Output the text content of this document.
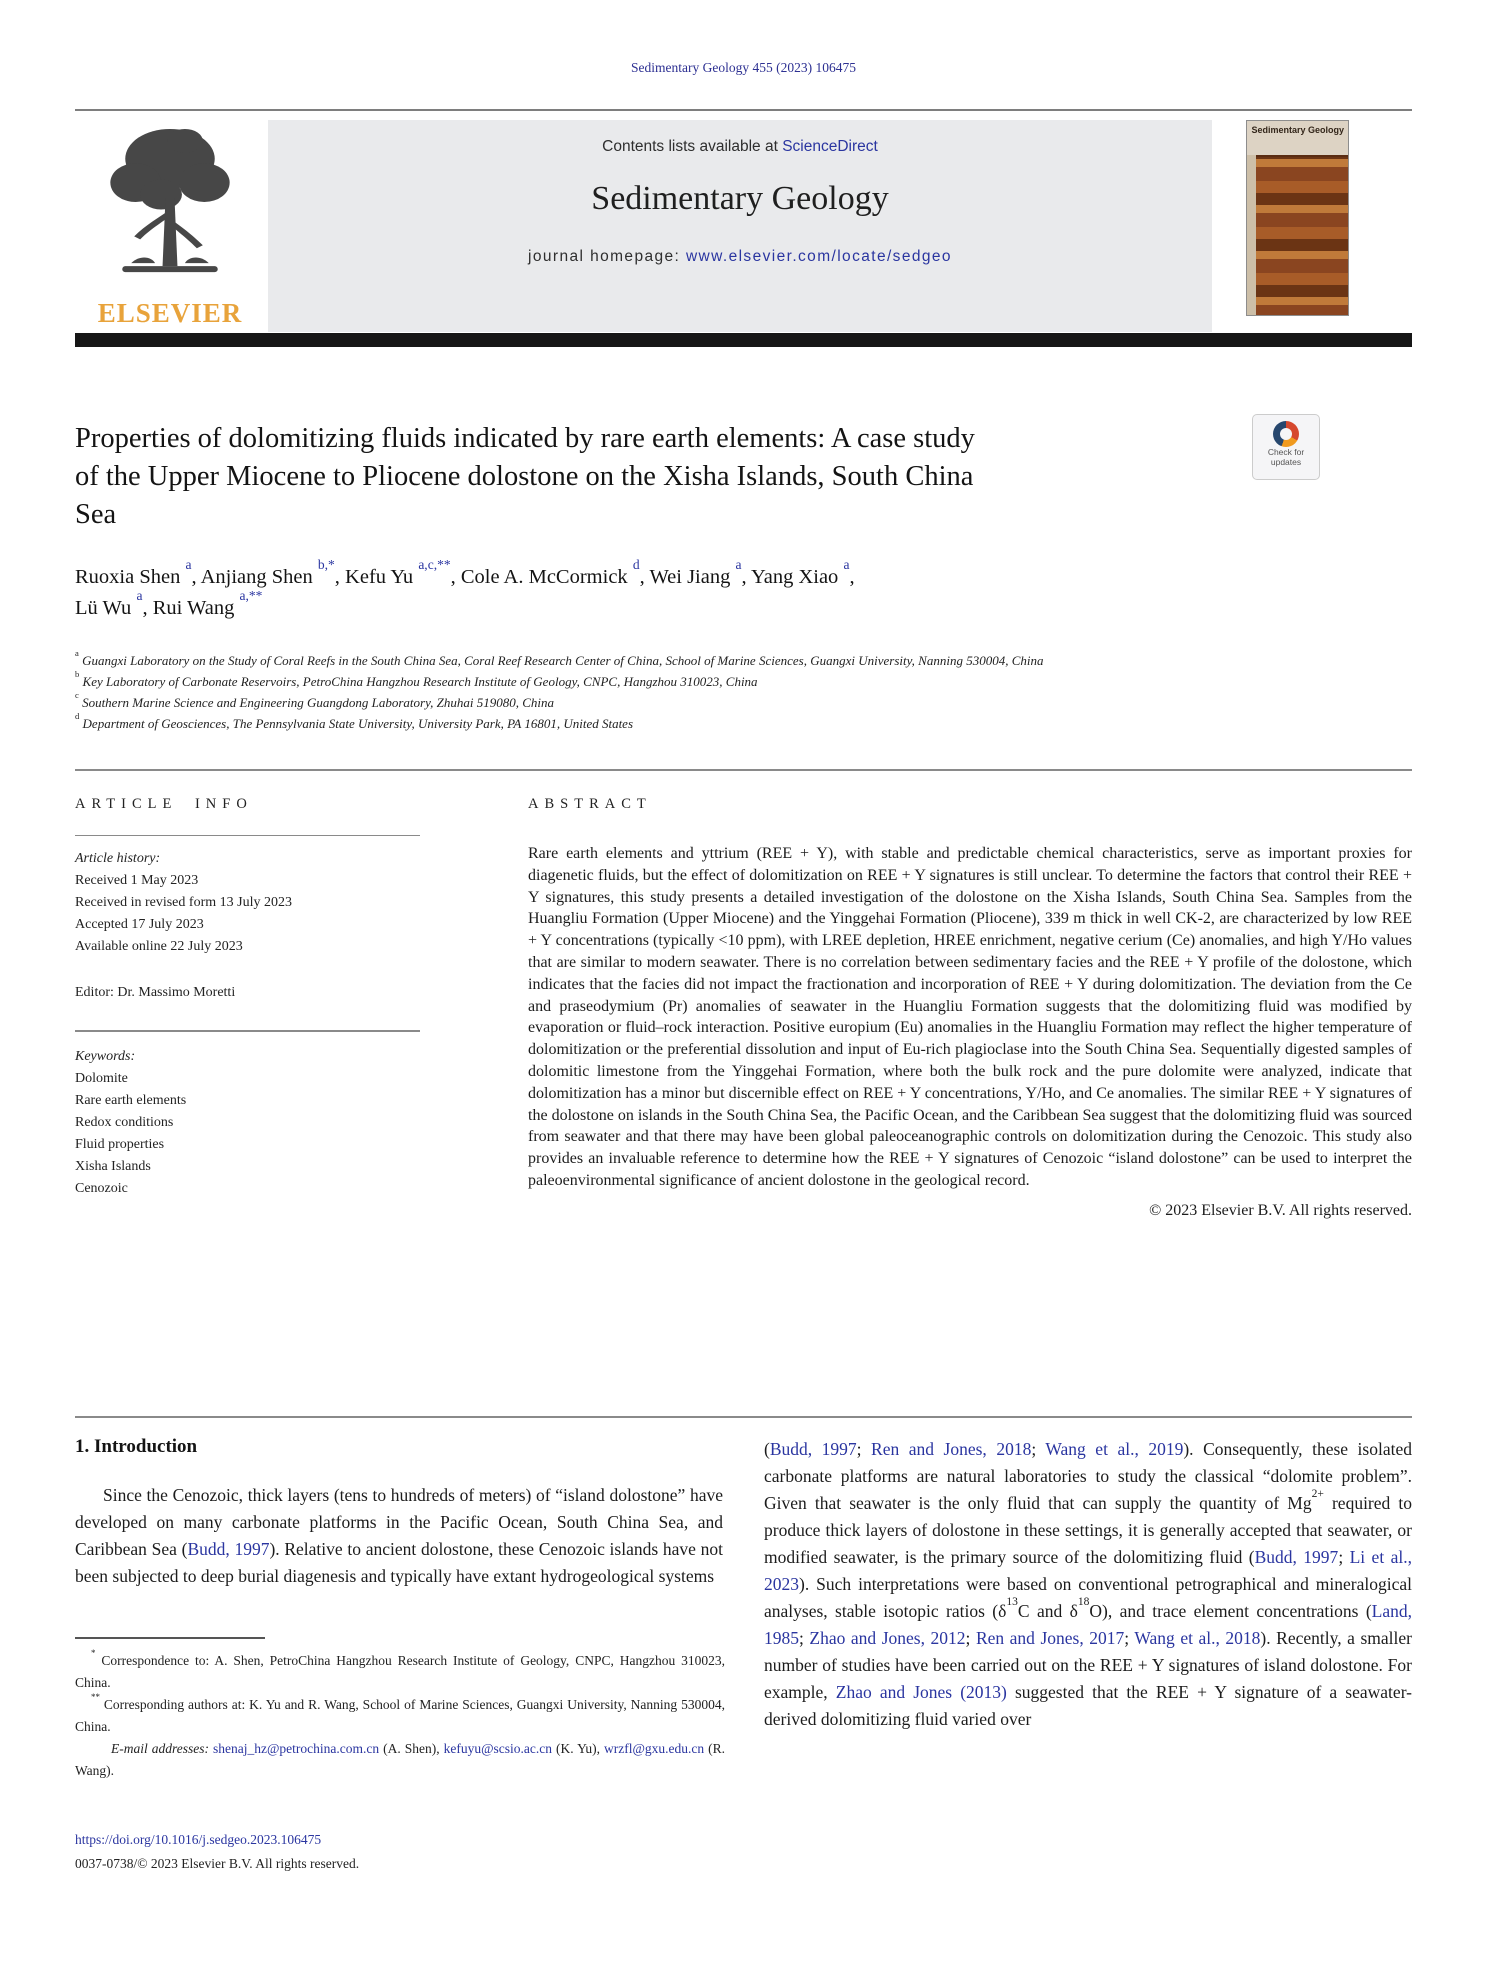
Sedimentary Geology 455 (2023) 106475
ELSEVIER
Contents lists available at ScienceDirect
Sedimentary Geology
journal homepage: www.elsevier.com/locate/sedgeo
Sedimentary Geology
Properties of dolomitizing fluids indicated by rare earth elements: A case study of the Upper Miocene to Pliocene dolostone on the Xisha Islands, South China Sea
Check for
updates
Ruoxia Shen $^a$, Anjiang Shen $^{b,*}$, Kefu Yu $^{a,c,**}$, Cole A. McCormick $^d$, Wei Jiang $^a$, Yang Xiao $^a$,
Lü Wu $^a$, Rui Wang $^{a,**}$
$^a$ Guangxi Laboratory on the Study of Coral Reefs in the South China Sea, Coral Reef Research Center of China, School of Marine Sciences, Guangxi University, Nanning 530004, China
$^b$ Key Laboratory of Carbonate Reservoirs, PetroChina Hangzhou Research Institute of Geology, CNPC, Hangzhou 310023, China
$^c$ Southern Marine Science and Engineering Guangdong Laboratory, Zhuhai 519080, China
$^d$ Department of Geosciences, The Pennsylvania State University, University Park, PA 16801, United States
ARTICLE INFO
Article history:
Received 1 May 2023
Received in revised form 13 July 2023
Accepted 17 July 2023
Available online 22 July 2023
Editor: Dr. Massimo Moretti
Keywords:
Dolomite
Rare earth elements
Redox conditions
Fluid properties
Xisha Islands
Cenozoic
ABSTRACT
Rare earth elements and yttrium (REE + Y), with stable and predictable chemical characteristics, serve as important proxies for diagenetic fluids, but the effect of dolomitization on REE + Y signatures is still unclear. To determine the factors that control their REE + Y signatures, this study presents a detailed investigation of the dolostone on the Xisha Islands, South China Sea. Samples from the Huangliu Formation (Upper Miocene) and the Yinggehai Formation (Pliocene), 339 m thick in well CK-2, are characterized by low REE + Y concentrations (typically <10 ppm), with LREE depletion, HREE enrichment, negative cerium (Ce) anomalies, and high Y/Ho values that are similar to modern seawater. There is no correlation between sedimentary facies and the REE + Y profile of the dolostone, which indicates that the facies did not impact the fractionation and incorporation of REE + Y during dolomitization. The deviation from the Ce and praseodymium (Pr) anomalies of seawater in the Huangliu Formation suggests that the dolomitizing fluid was modified by evaporation or fluid–rock interaction. Positive europium (Eu) anomalies in the Huangliu Formation may reflect the higher temperature of dolomitization or the preferential dissolution and input of Eu-rich plagioclase into the South China Sea. Sequentially digested samples of dolomitic limestone from the Yinggehai Formation, where both the bulk rock and the pure dolomite were analyzed, indicate that dolomitization has a minor but discernible effect on REE + Y concentrations, Y/Ho, and Ce anomalies. The similar REE + Y signatures of the dolostone on islands in the South China Sea, the Pacific Ocean, and the Caribbean Sea suggest that the dolomitizing fluid was sourced from seawater and that there may have been global paleoceanographic controls on dolomitization during the Cenozoic. This study also provides an invaluable reference to determine how the REE + Y signatures of Cenozoic “island dolostone” can be used to interpret the paleoenvironmental significance of ancient dolostone in the geological record.
© 2023 Elsevier B.V. All rights reserved.
1. Introduction
Since the Cenozoic, thick layers (tens to hundreds of meters) of “island dolostone” have developed on many carbonate platforms in the Pacific Ocean, South China Sea, and Caribbean Sea (Budd, 1997). Relative to ancient dolostone, these Cenozoic islands have not been subjected to deep burial diagenesis and typically have extant hydrogeological systems
(Budd, 1997; Ren and Jones, 2018; Wang et al., 2019). Consequently, these isolated carbonate platforms are natural laboratories to study the classical “dolomite problem”. Given that seawater is the only fluid that can supply the quantity of $Mg^{2+}$ required to produce thick layers of dolostone in these settings, it is generally accepted that seawater, or modified seawater, is the primary source of the dolomitizing fluid (Budd, 1997; Li et al., 2023). Such interpretations were based on conventional petrographical and mineralogical analyses, stable isotopic ratios ($\delta^{13}C$ and $\delta^{18}O$), and trace element concentrations (Land, 1985; Zhao and Jones, 2012; Ren and Jones, 2017; Wang et al., 2018). Recently, a smaller number of studies have been carried out on the REE + Y signatures of island dolostone. For example, Zhao and Jones (2013) suggested that the REE + Y signature of a seawater-derived dolomitizing fluid varied over
* Correspondence to: A. Shen, PetroChina Hangzhou Research Institute of Geology, CNPC, Hangzhou 310023, China.
** Corresponding authors at: K. Yu and R. Wang, School of Marine Sciences, Guangxi University, Nanning 530004, China.
E-mail addresses: shenaj_hz@petrochina.com.cn (A. Shen), kefuyu@scsio.ac.cn (K. Yu), wrzfl@gxu.edu.cn (R. Wang).
https://doi.org/10.1016/j.sedgeo.2023.106475
0037-0738/© 2023 Elsevier B.V. All rights reserved.
